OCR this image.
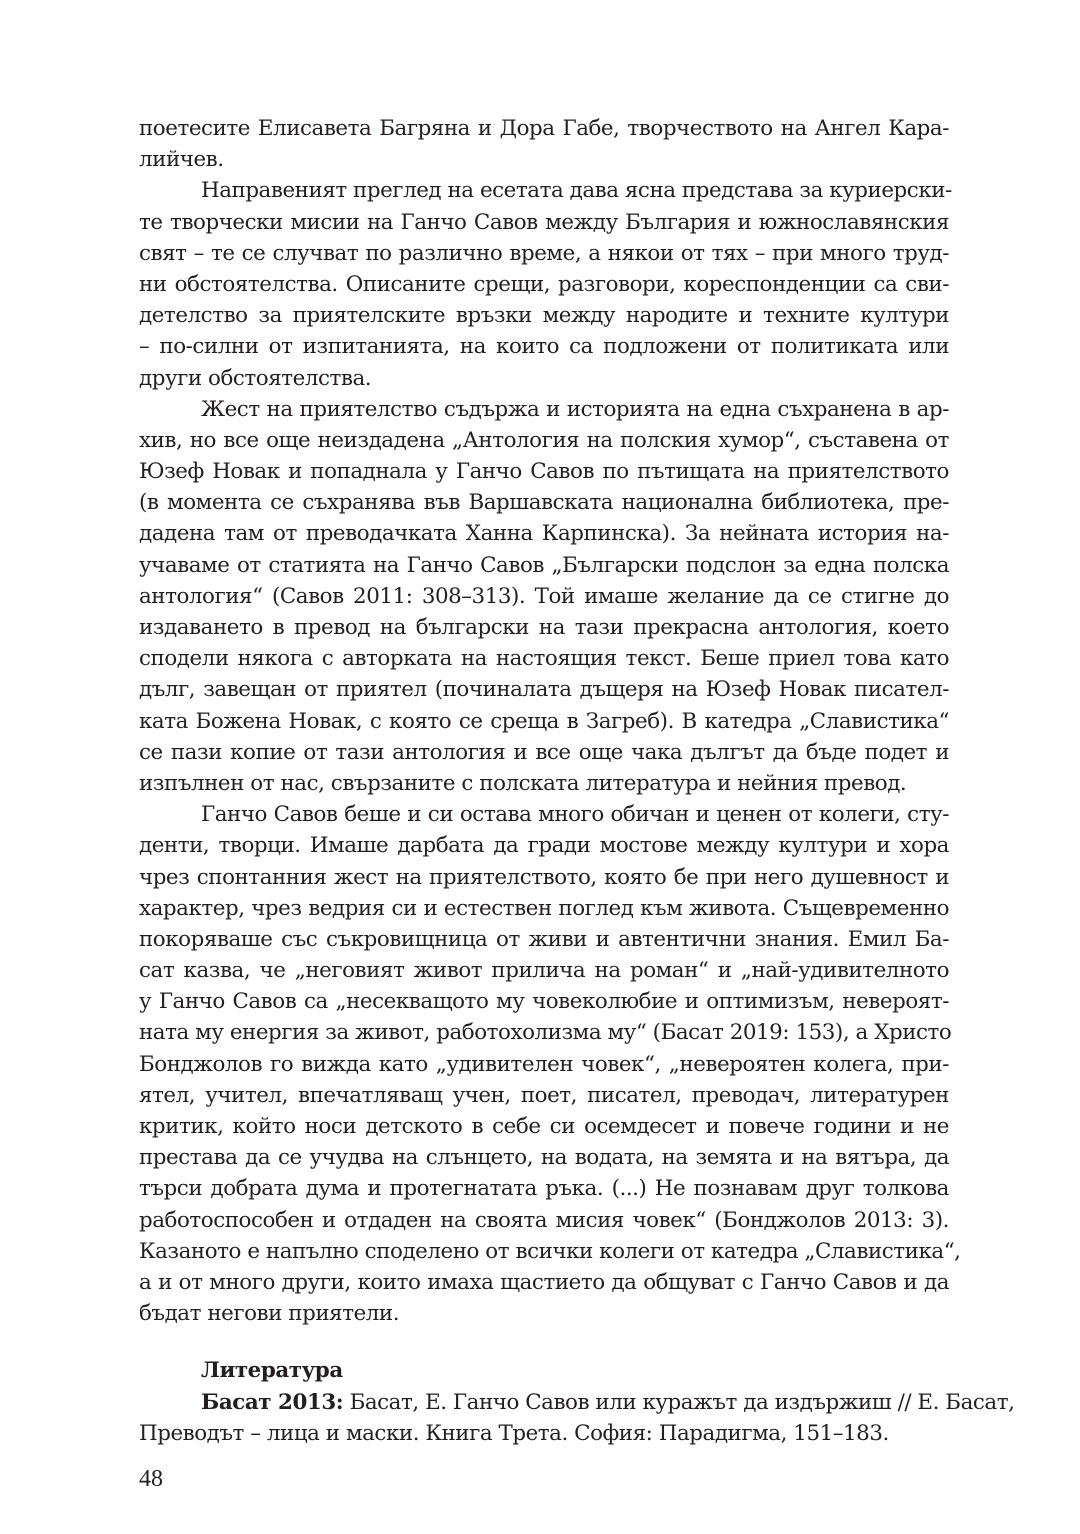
поетесите Елисавета Багряна и Дора Габе, творчеството на Ангел Кара-
лийчев.
Направеният преглед на есетата дава ясна представа за куриерски-
те творчески мисии на Ганчо Савов между България и южнославянския
свят – те се случват по различно време, а някои от тях – при много труд-
ни обстоятелства. Описаните срещи, разговори, кореспонденции са сви-
детелство за приятелските връзки между народите и техните култури
– по-силни от изпитанията, на които са подложени от политиката или
други обстоятелства.
Жест на приятелство съдържа и историята на една съхранена в ар-
хив, но все още неиздадена „Антология на полския хумор“, съставена от
Юзеф Новак и попаднала у Ганчо Савов по пътищата на приятелството
(в момента се съхранява във Варшавската национална библиотека, пре-
дадена там от преводачката Ханна Карпинска). За нейната история на-
учаваме от статията на Ганчо Савов „Български подслон за една полска
антология“ (Савов 2011: 308–313). Той имаше желание да се стигне до
издаването в превод на български на тази прекрасна антология, което
сподели някога с авторката на настоящия текст. Беше приел това като
дълг, завещан от приятел (починалата дъщеря на Юзеф Новак писател-
ката Божена Новак, с която се среща в Загреб). В катедра „Славистика“
се пази копие от тази антология и все още чака дългът да бъде подет и
изпълнен от нас, свързаните с полската литература и нейния превод.
Ганчо Савов беше и си остава много обичан и ценен от колеги, сту-
денти, творци. Имаше дарбата да гради мостове между култури и хора
чрез спонтанния жест на приятелството, която бе при него душевност и
характер, чрез ведрия си и естествен поглед към живота. Същевременно
покоряваше със съкровищница от живи и автентични знания. Емил Ба-
сат казва, че „неговият живот прилича на роман“ и „най-удивителното
у Ганчо Савов са „несекващото му човеколюбие и оптимизъм, невероят-
ната му енергия за живот, работохолизма му“ (Басат 2019: 153), а Христо
Бонджолов го вижда като „удивителен човек“, „невероятен колега, при-
ятел, учител, впечатляващ учен, поет, писател, преводач, литературен
критик, който носи детското в себе си осемдесет и повече години и не
престава да се учудва на слънцето, на водата, на земята и на вятъра, да
търси добрата дума и протегнатата ръка. (...) Не познавам друг толкова
работоспособен и отдаден на своята мисия човек“ (Бонджолов 2013: 3).
Казаното е напълно споделено от всички колеги от катедра „Славистика“,
а и от много други, които имаха щастието да общуват с Ганчо Савов и да
бъдат негови приятели.
Литература
Басат 2013: Басат, Е. Ганчо Савов или куражът да издържиш // Е. Басат,
Преводът – лица и маски. Книга Трета. София: Парадигма, 151–183.
48
